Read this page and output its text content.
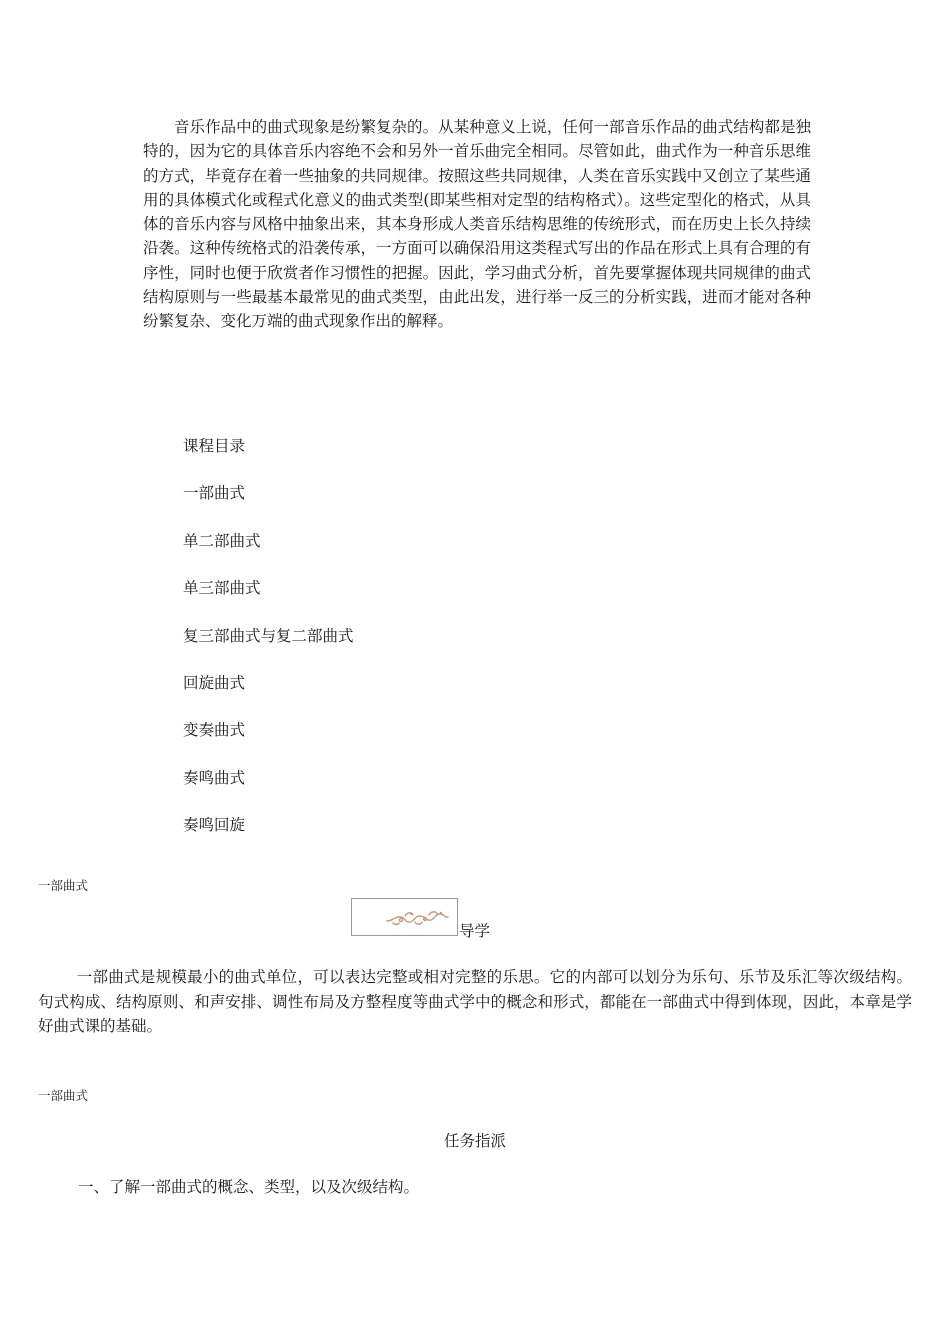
音乐作品中的曲式现象是纷繁复杂的。从某种意义上说，任何一部音乐作品的曲式结构都是独特的，因为它的具体音乐内容绝不会和另外一首乐曲完全相同。尽管如此，曲式作为一种音乐思维的方式，毕竟存在着一些抽象的共同规律。按照这些共同规律，人类在音乐实践中又创立了某些通用的具体模式化或程式化意义的曲式类型(即某些相对定型的结构格式）。这些定型化的格式，从具体的音乐内容与风格中抽象出来，其本身形成人类音乐结构思维的传统形式，而在历史上长久持续沿袭。这种传统格式的沿袭传承，一方面可以确保沿用这类程式写出的作品在形式上具有合理的有序性，同时也便于欣赏者作习惯性的把握。因此，学习曲式分析，首先要掌握体现共同规律的曲式结构原则与一些最基本最常见的曲式类型，由此出发，进行举一反三的分析实践，进而才能对各种纷繁复杂、变化万端的曲式现象作出的解释。

课程目录
一部曲式
单二部曲式
单三部曲式
复三部曲式与复二部曲式
回旋曲式
变奏曲式
奏鸣曲式
奏鸣回旋
一部曲式
导学

一部曲式是规模最小的曲式单位，可以表达完整或相对完整的乐思。它的内部可以划分为乐句、乐节及乐汇等次级结构。句式构成、结构原则、和声安排、调性布局及方整程度等曲式学中的概念和形式，都能在一部曲式中得到体现，因此，本章是学好曲式课的基础。

一部曲式
任务指派
一、了解一部曲式的概念、类型，以及次级结构。
